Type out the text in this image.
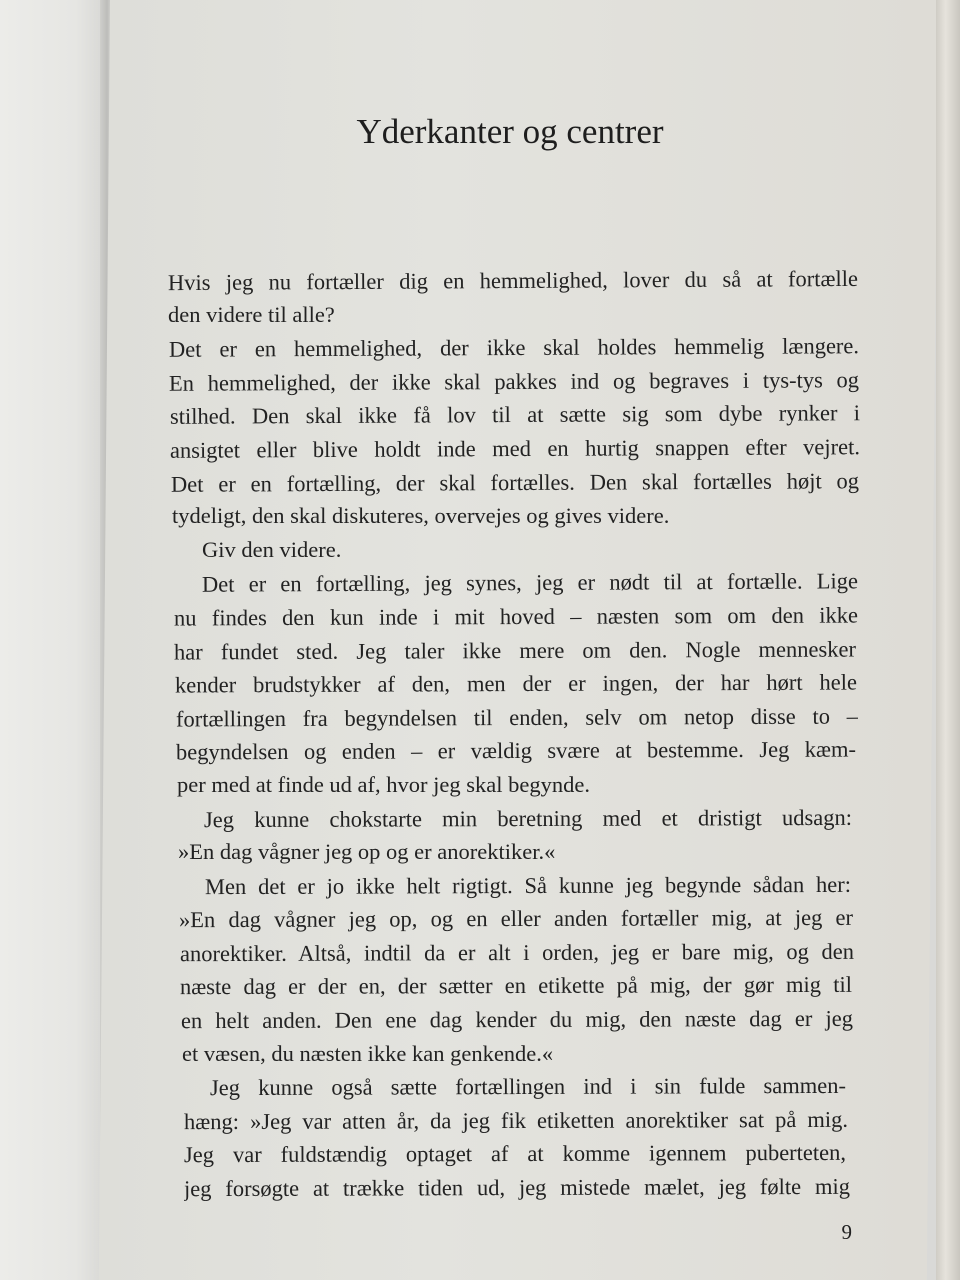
Yderkanter og centrer
Hvis jeg nu fortæller dig en hemmelighed, lover du så at fortælle
den videre til alle?
Det er en hemmelighed, der ikke skal holdes hemmelig længere.
En hemmelighed, der ikke skal pakkes ind og begraves i tys-tys og
stilhed. Den skal ikke få lov til at sætte sig som dybe rynker i
ansigtet eller blive holdt inde med en hurtig snappen efter vejret.
Det er en fortælling, der skal fortælles. Den skal fortælles højt og
tydeligt, den skal diskuteres, overvejes og gives videre.
Giv den videre.
Det er en fortælling, jeg synes, jeg er nødt til at fortælle. Lige
nu findes den kun inde i mit hoved – næsten som om den ikke
har fundet sted. Jeg taler ikke mere om den. Nogle mennesker
kender brudstykker af den, men der er ingen, der har hørt hele
fortællingen fra begyndelsen til enden, selv om netop disse to –
begyndelsen og enden – er vældig svære at bestemme. Jeg kæm-
per med at finde ud af, hvor jeg skal begynde.
Jeg kunne chokstarte min beretning med et dristigt udsagn:
»En dag vågner jeg op og er anorektiker.«
Men det er jo ikke helt rigtigt. Så kunne jeg begynde sådan her:
»En dag vågner jeg op, og en eller anden fortæller mig, at jeg er
anorektiker. Altså, indtil da er alt i orden, jeg er bare mig, og den
næste dag er der en, der sætter en etikette på mig, der gør mig til
en helt anden. Den ene dag kender du mig, den næste dag er jeg
et væsen, du næsten ikke kan genkende.«
Jeg kunne også sætte fortællingen ind i sin fulde sammen-
hæng: »Jeg var atten år, da jeg fik etiketten anorektiker sat på mig.
Jeg var fuldstændig optaget af at komme igennem puberteten,
jeg forsøgte at trække tiden ud, jeg mistede mælet, jeg følte mig
9
